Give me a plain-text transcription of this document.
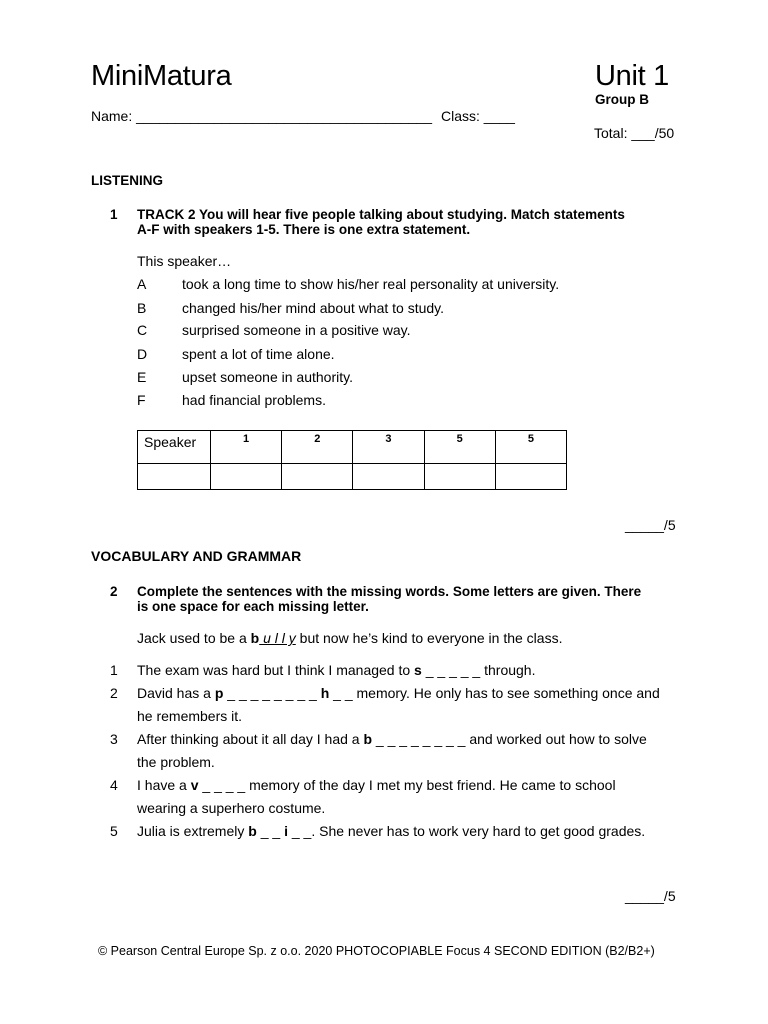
MiniMatura	Unit 1
Group B
Name: ______________________________________ Class: ____
Total: ___/50
LISTENING
1 TRACK 2 You will hear five people talking about studying. Match statements
A-F with speakers 1-5. There is one extra statement.
This speaker…
A	took a long time to show his/her real personality at university.
B	changed his/her mind about what to study.
C surprised someone in a positive way.
D spent a lot of time alone.
E	upset someone in authority.
F	had financial problems.
Speaker	1	2	3	5	5

_____/5
VOCABULARY AND GRAMMAR
2 Complete the sentences with the missing words. Some letters are given. There
is one space for each missing letter.
Jack used to be a b u l l y but now he’s kind to everyone in the class.
1 The exam was hard but I think I managed to s _ _ _ _ _ through.
2 David has a p _ _ _ _ _ _ _ _ h _ _ memory. He only has to see something once and
he remembers it.
3 After thinking about it all day I had a b _ _ _ _ _ _ _ _ and worked out how to solve
the problem.
4 I have a v _ _ _ _ memory of the day I met my best friend. He came to school
wearing a superhero costume.
5 Julia is extremely b _ _ i _ _. She never has to work very hard to get good grades.
_____/5
© Pearson Central Europe Sp. z o.o. 2020 PHOTOCOPIABLE Focus 4 SECOND EDITION (B2/B2+)
